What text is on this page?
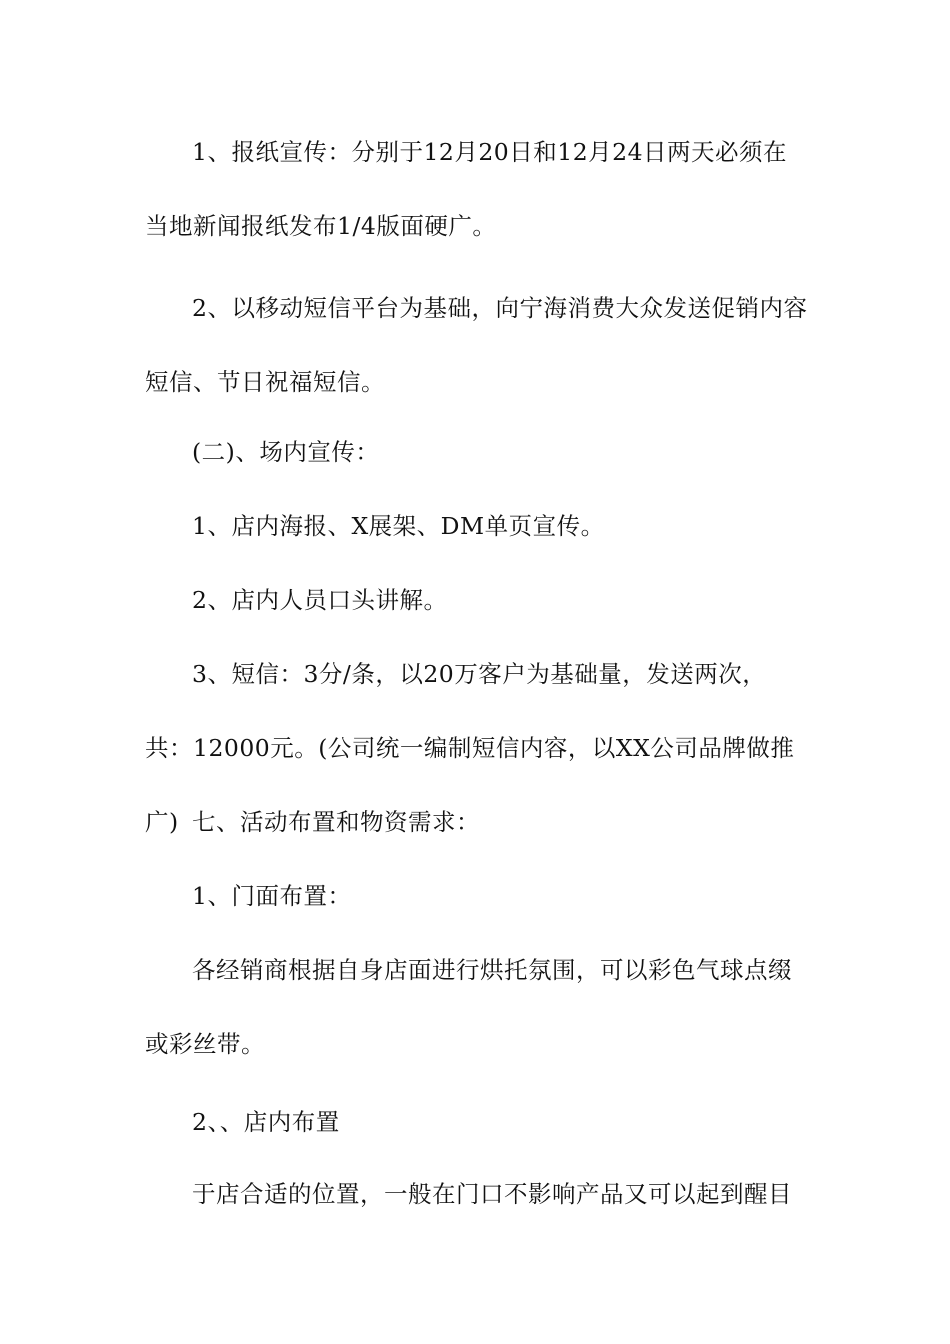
1、报纸宣传：分别于12月20日和12月24日两天必须在当地新闻报纸发布1/4版面硬广。

2、以移动短信平台为基础，向宁海消费大众发送促销内容短信、节日祝福短信。

(二)、场内宣传：

1、店内海报、X展架、DM单页宣传。

2、店内人员口头讲解。

3、短信：3分/条，以20万客户为基础量，发送两次，共：12000元。(公司统一编制短信内容，以XX公司品牌做推广) 七、活动布置和物资需求：

1、门面布置：

各经销商根据自身店面进行烘托氛围，可以彩色气球点缀或彩丝带。

2、、店内布置

于店合适的位置，一般在门口不影响产品又可以起到醒目
